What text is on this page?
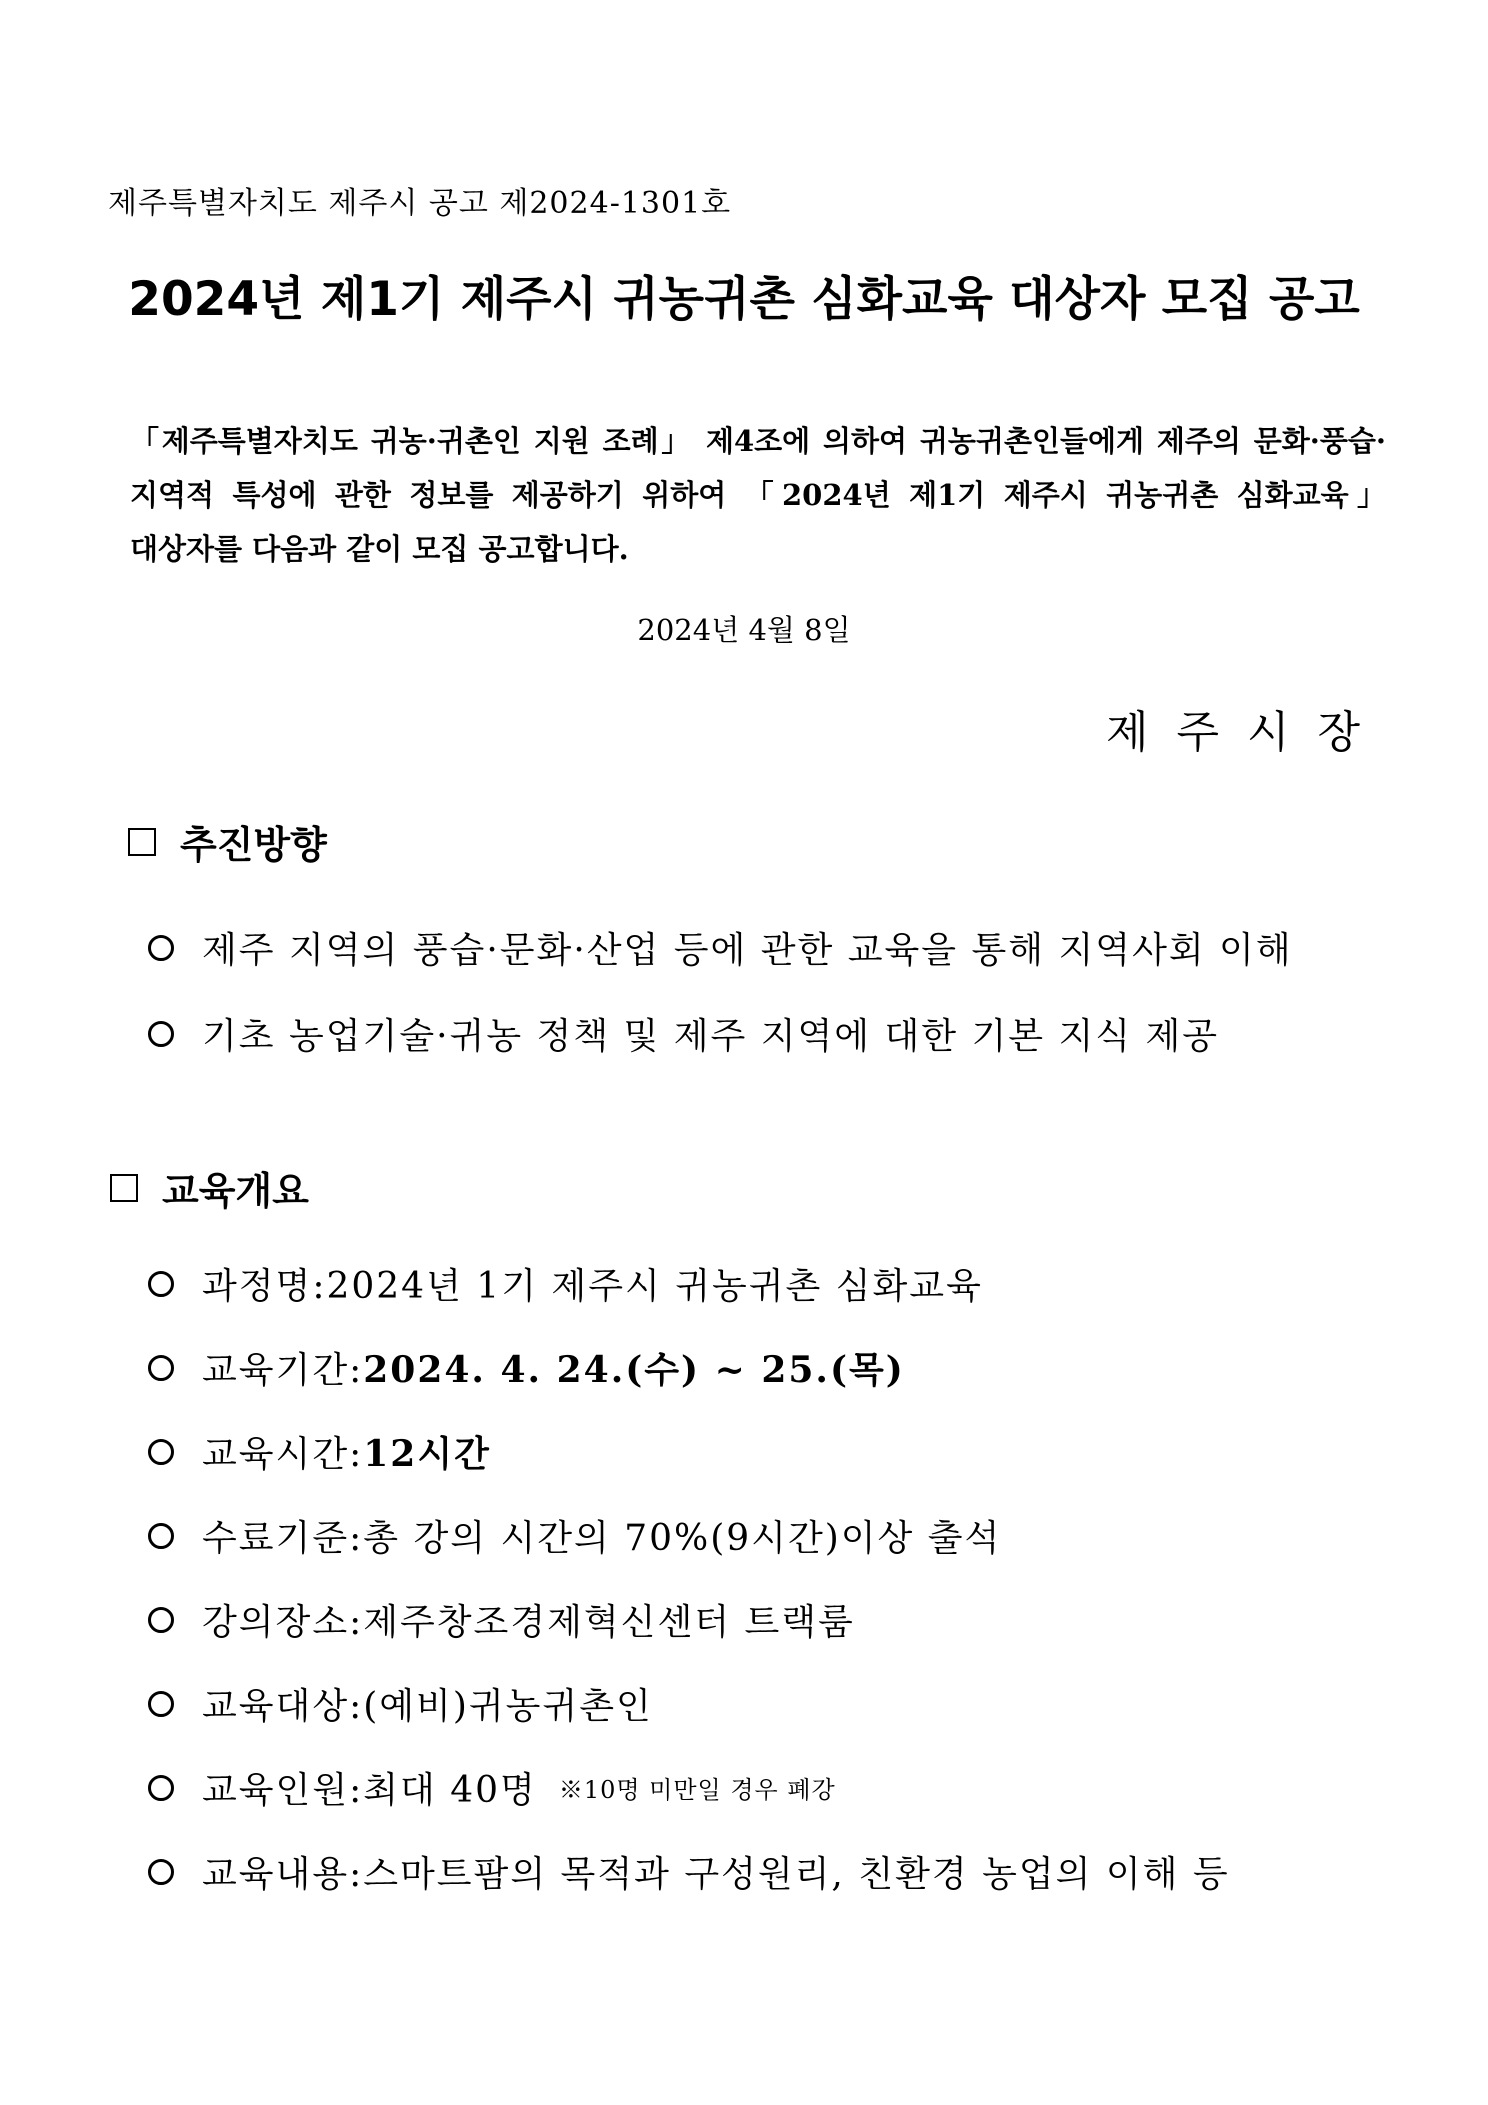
제주특별자치도 제주시 공고 제2024-1301호
2024년 제1기 제주시 귀농귀촌 심화교육 대상자 모집 공고
「제주특별자치도 귀농·귀촌인 지원 조례」 제4조에 의하여 귀농귀촌인들에게 제주의 문화·풍습·지역적 특성에 관한 정보를 제공하기 위하여 「2024년 제1기 제주시 귀농귀촌 심화교육」 대상자를 다음과 같이 모집 공고합니다.
2024년 4월 8일
제주시장
추진방향
제주 지역의 풍습·문화·산업 등에 관한 교육을 통해 지역사회 이해
기초 농업기술·귀농 정책 및 제주 지역에 대한 기본 지식 제공
교육개요
과정명: 2024년 1기 제주시 귀농귀촌 심화교육
교육기간: 2024. 4. 24.(수) ~ 25.(목)
교육시간: 12시간
수료기준: 총 강의 시간의 70%(9시간)이상 출석
강의장소: 제주창조경제혁신센터 트랙룸
교육대상: (예비)귀농귀촌인
교육인원: 최대 40명 ※10명 미만일 경우 폐강
교육내용: 스마트팜의 목적과 구성원리, 친환경 농업의 이해 등
